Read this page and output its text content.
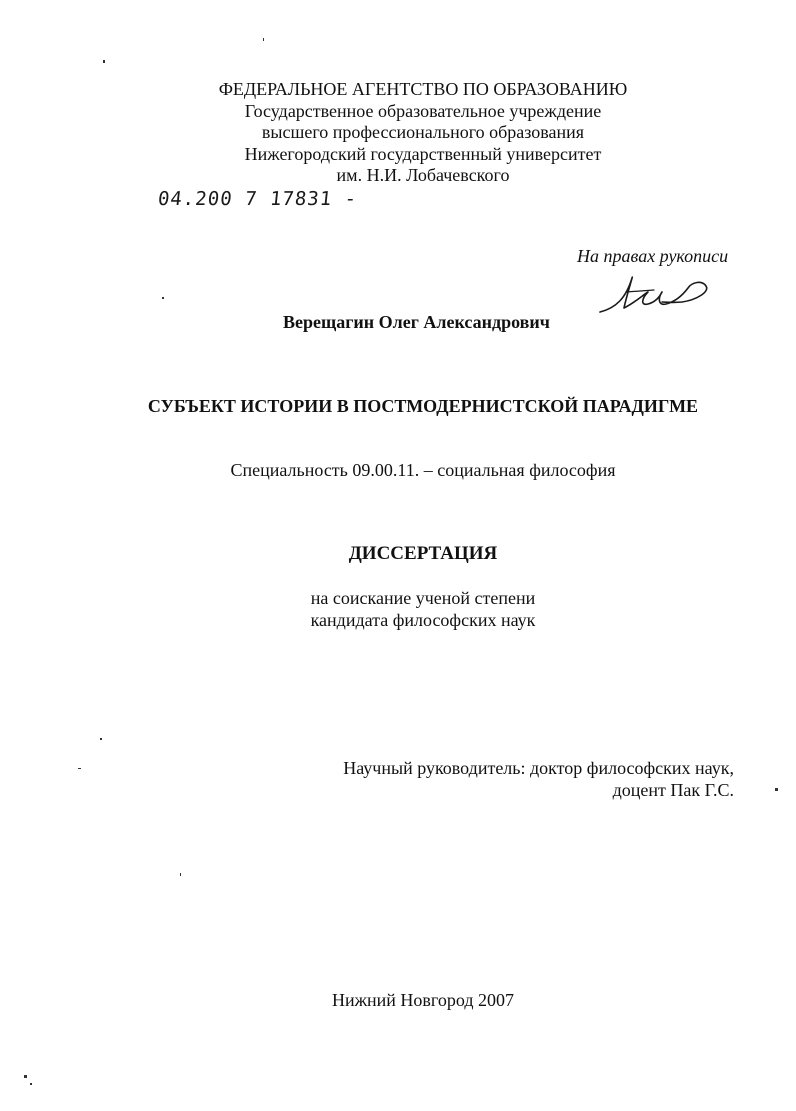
ФЕДЕРАЛЬНОЕ АГЕНТСТВО ПО ОБРАЗОВАНИЮ
Государственное образовательное учреждение
высшего профессионального образования
Нижегородский государственный университет
им. Н.И. Лобачевского
04.200 7 17831 -
На правах рукописи
Верещагин Олег Александрович
СУБЪЕКТ ИСТОРИИ В ПОСТМОДЕРНИСТСКОЙ ПАРАДИГМЕ
Специальность 09.00.11. – социальная философия
ДИССЕРТАЦИЯ
на соискание ученой степени
кандидата философских наук
Научный руководитель: доктор философских наук,
доцент Пак Г.С.
Нижний Новгород 2007
